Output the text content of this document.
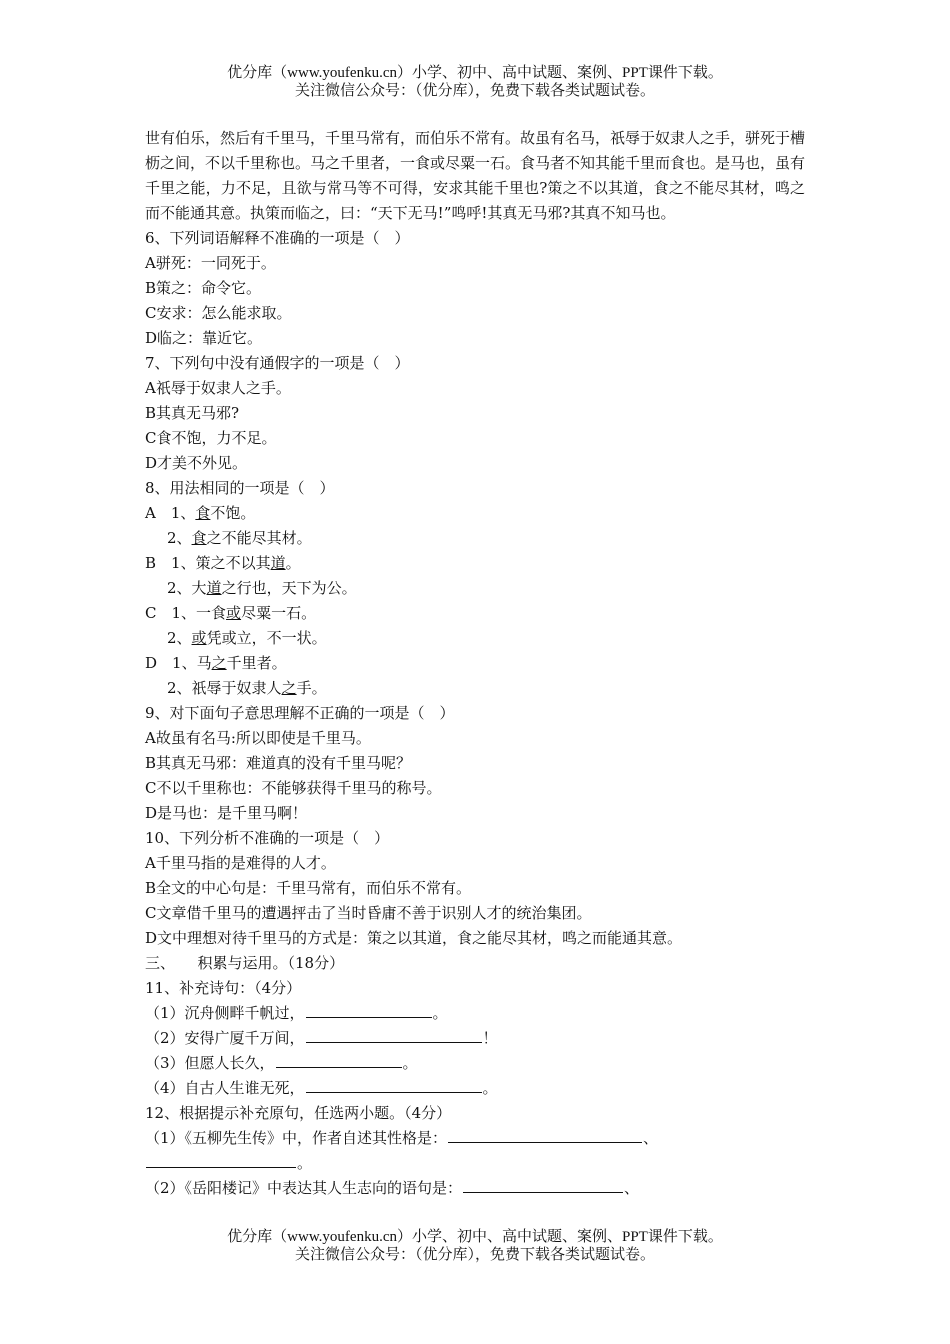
优分库（www.youfenku.cn）小学、初中、高中试题、案例、PPT课件下载。
关注微信公众号：（优分库），免费下载各类试题试卷。

世有伯乐，然后有千里马，千里马常有，而伯乐不常有。故虽有名马，祇辱于奴隶人之手，骈死于槽枥之间，不以千里称也。马之千里者，一食或尽粟一石。食马者不知其能千里而食也。是马也，虽有千里之能，力不足，且欲与常马等不可得，安求其能千里也?策之不以其道，食之不能尽其材，鸣之而不能通其意。执策而临之，曰：“天下无马!”鸣呼!其真无马邪?其真不知马也。

6、下列词语解释不准确的一项是（　）

A骈死：一同死于。

B策之：命令它。

C安求：怎么能求取。

D临之：靠近它。

7、下列句中没有通假字的一项是（　）

A祇辱于奴隶人之手。

B其真无马邪?

C食不饱，力不足。

D才美不外见。

8、用法相同的一项是（　）

A　1、食不饱。

2、食之不能尽其材。

B　1、策之不以其道。

2、大道之行也，天下为公。

C　1、一食或尽粟一石。

2、或凭或立，不一状。

D　1、马之千里者。

2、祇辱于奴隶人之手。

9、对下面句子意思理解不正确的一项是（　）

A故虽有名马:所以即使是千里马。

B其真无马邪：难道真的没有千里马呢？

C不以千里称也：不能够获得千里马的称号。

D是马也：是千里马啊！

10、下列分析不准确的一项是（　）

A千里马指的是难得的人才。

B全文的中心句是：千里马常有，而伯乐不常有。

C文章借千里马的遭遇抨击了当时昏庸不善于识别人才的统治集团。

D文中理想对待千里马的方式是：策之以其道，食之能尽其材，鸣之而能通其意。

三、　　积累与运用。（18分）

11、补充诗句：（4分）

（1）沉舟侧畔千帆过，	。

（2）安得广厦千万间，	！

（3）但愿人长久，	。

（4）自古人生谁无死，	。

12、根据提示补充原句，任选两小题。（4分）

（1）《五柳先生传》中，作者自述其性格是：	、

。

（2）《岳阳楼记》中表达其人生志向的语句是：	、

优分库（www.youfenku.cn）小学、初中、高中试题、案例、PPT课件下载。
关注微信公众号：（优分库），免费下载各类试题试卷。
